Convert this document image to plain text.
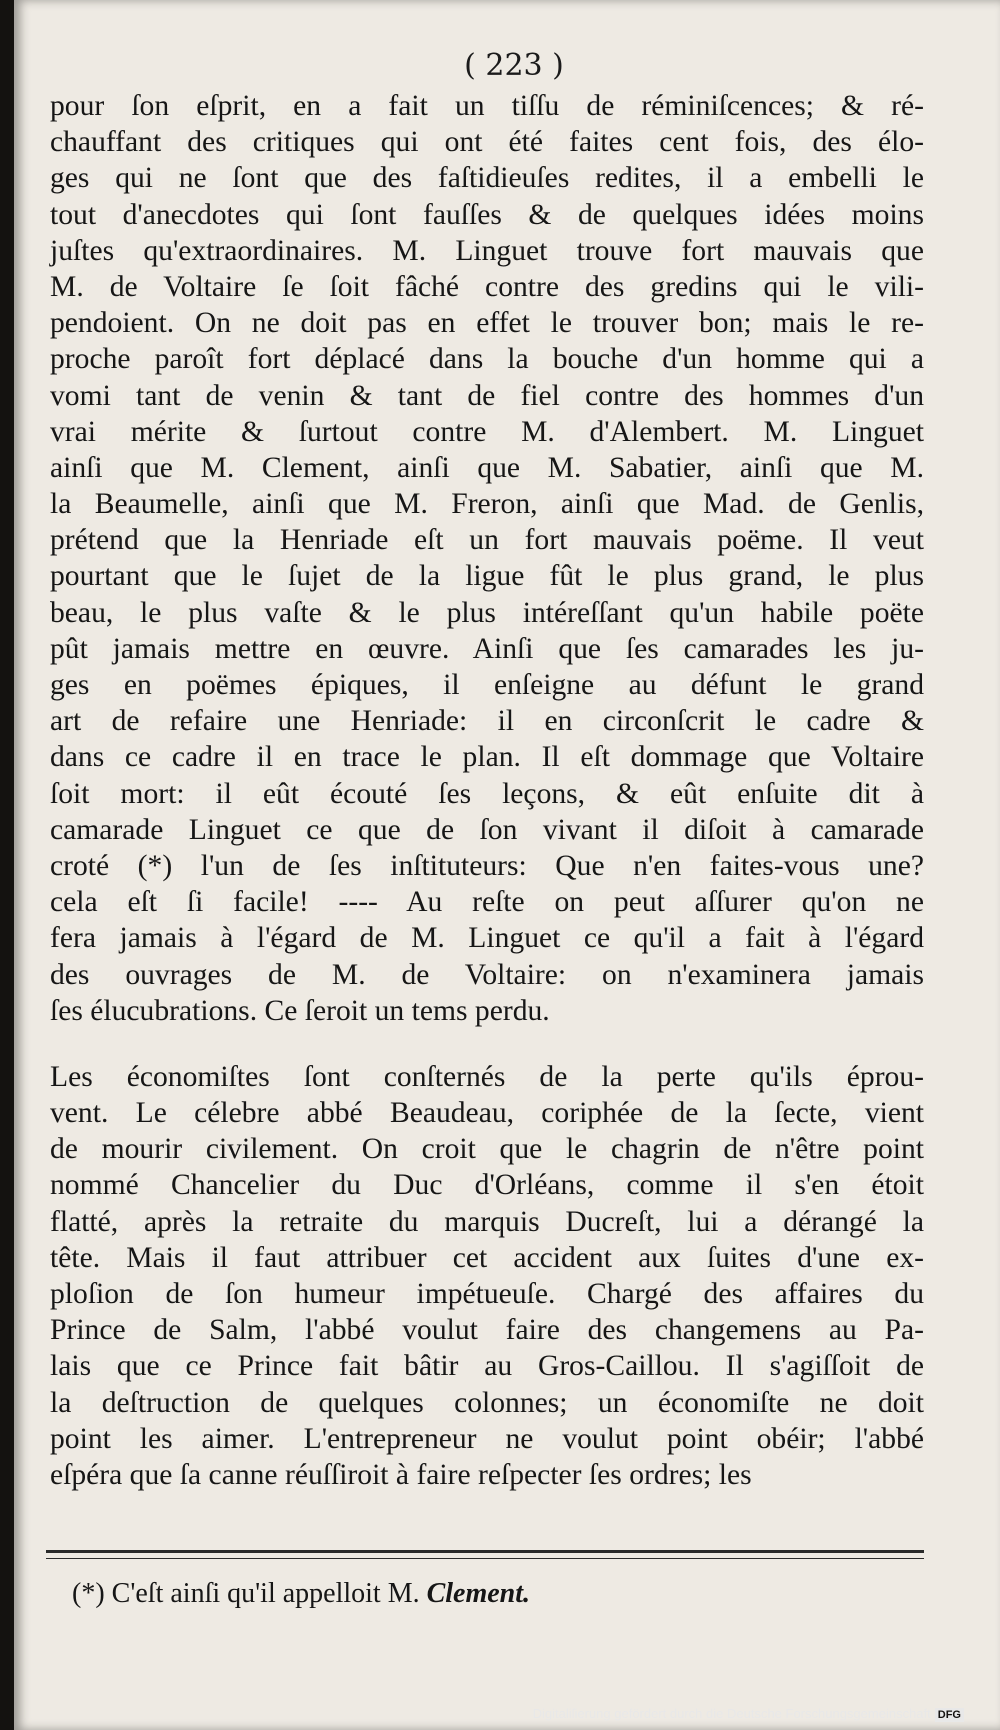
( 223 )
pour ſon eſprit, en a fait un tiſſu de réminiſcences; & ré-
chauffant des critiques qui ont été faites cent fois, des élo-
ges qui ne ſont que des faſtidieuſes redites, il a embelli le
tout d'anecdotes qui ſont fauſſes & de quelques idées moins
juſtes qu'extraordinaires. M. Linguet trouve fort mauvais que
M. de Voltaire ſe ſoit fâché contre des gredins qui le vili-
pendoient. On ne doit pas en effet le trouver bon; mais le re-
proche paroît fort déplacé dans la bouche d'un homme qui a
vomi tant de venin & tant de fiel contre des hommes d'un
vrai mérite & ſurtout contre M. d'Alembert. M. Linguet
ainſi que M. Clement, ainſi que M. Sabatier, ainſi que M.
la Beaumelle, ainſi que M. Freron, ainſi que Mad. de Genlis,
prétend que la Henriade eſt un fort mauvais poëme. Il veut
pourtant que le ſujet de la ligue fût le plus grand, le plus
beau, le plus vaſte & le plus intéreſſant qu'un habile poëte
pût jamais mettre en œuvre. Ainſi que ſes camarades les ju-
ges en poëmes épiques, il enſeigne au défunt le grand
art de refaire une Henriade: il en circonſcrit le cadre &
dans ce cadre il en trace le plan. Il eſt dommage que Voltaire
ſoit mort: il eût écouté ſes leçons, & eût enſuite dit à
camarade Linguet ce que de ſon vivant il diſoit à camarade
croté (*) l'un de ſes inſtituteurs: Que n'en faites-vous une?
cela eſt ſi facile! ---- Au reſte on peut aſſurer qu'on ne
fera jamais à l'égard de M. Linguet ce qu'il a fait à l'égard
des ouvrages de M. de Voltaire: on n'examinera jamais
ſes élucubrations. Ce ſeroit un tems perdu.
Les économiſtes ſont conſternés de la perte qu'ils éprou-
vent. Le célebre abbé Beaudeau, coriphée de la ſecte, vient
de mourir civilement. On croit que le chagrin de n'être point
nommé Chancelier du Duc d'Orléans, comme il s'en étoit
flatté, après la retraite du marquis Ducreſt, lui a dérangé la
tête. Mais il faut attribuer cet accident aux ſuites d'une ex-
ploſion de ſon humeur impétueuſe. Chargé des affaires du
Prince de Salm, l'abbé voulut faire des changemens au Pa-
lais que ce Prince fait bâtir au Gros-Caillou. Il s'agiſſoit de
la deſtruction de quelques colonnes; un économiſte ne doit
point les aimer. L'entrepreneur ne voulut point obéir; l'abbé
eſpéra que ſa canne réuſſiroit à faire reſpecter ſes ordres; les
(*) C'eſt ainſi qu'il appelloit M. Clement.
Digitaliſierung gefördert durch die Deutsche Forschungsgemeinschaft DFG
